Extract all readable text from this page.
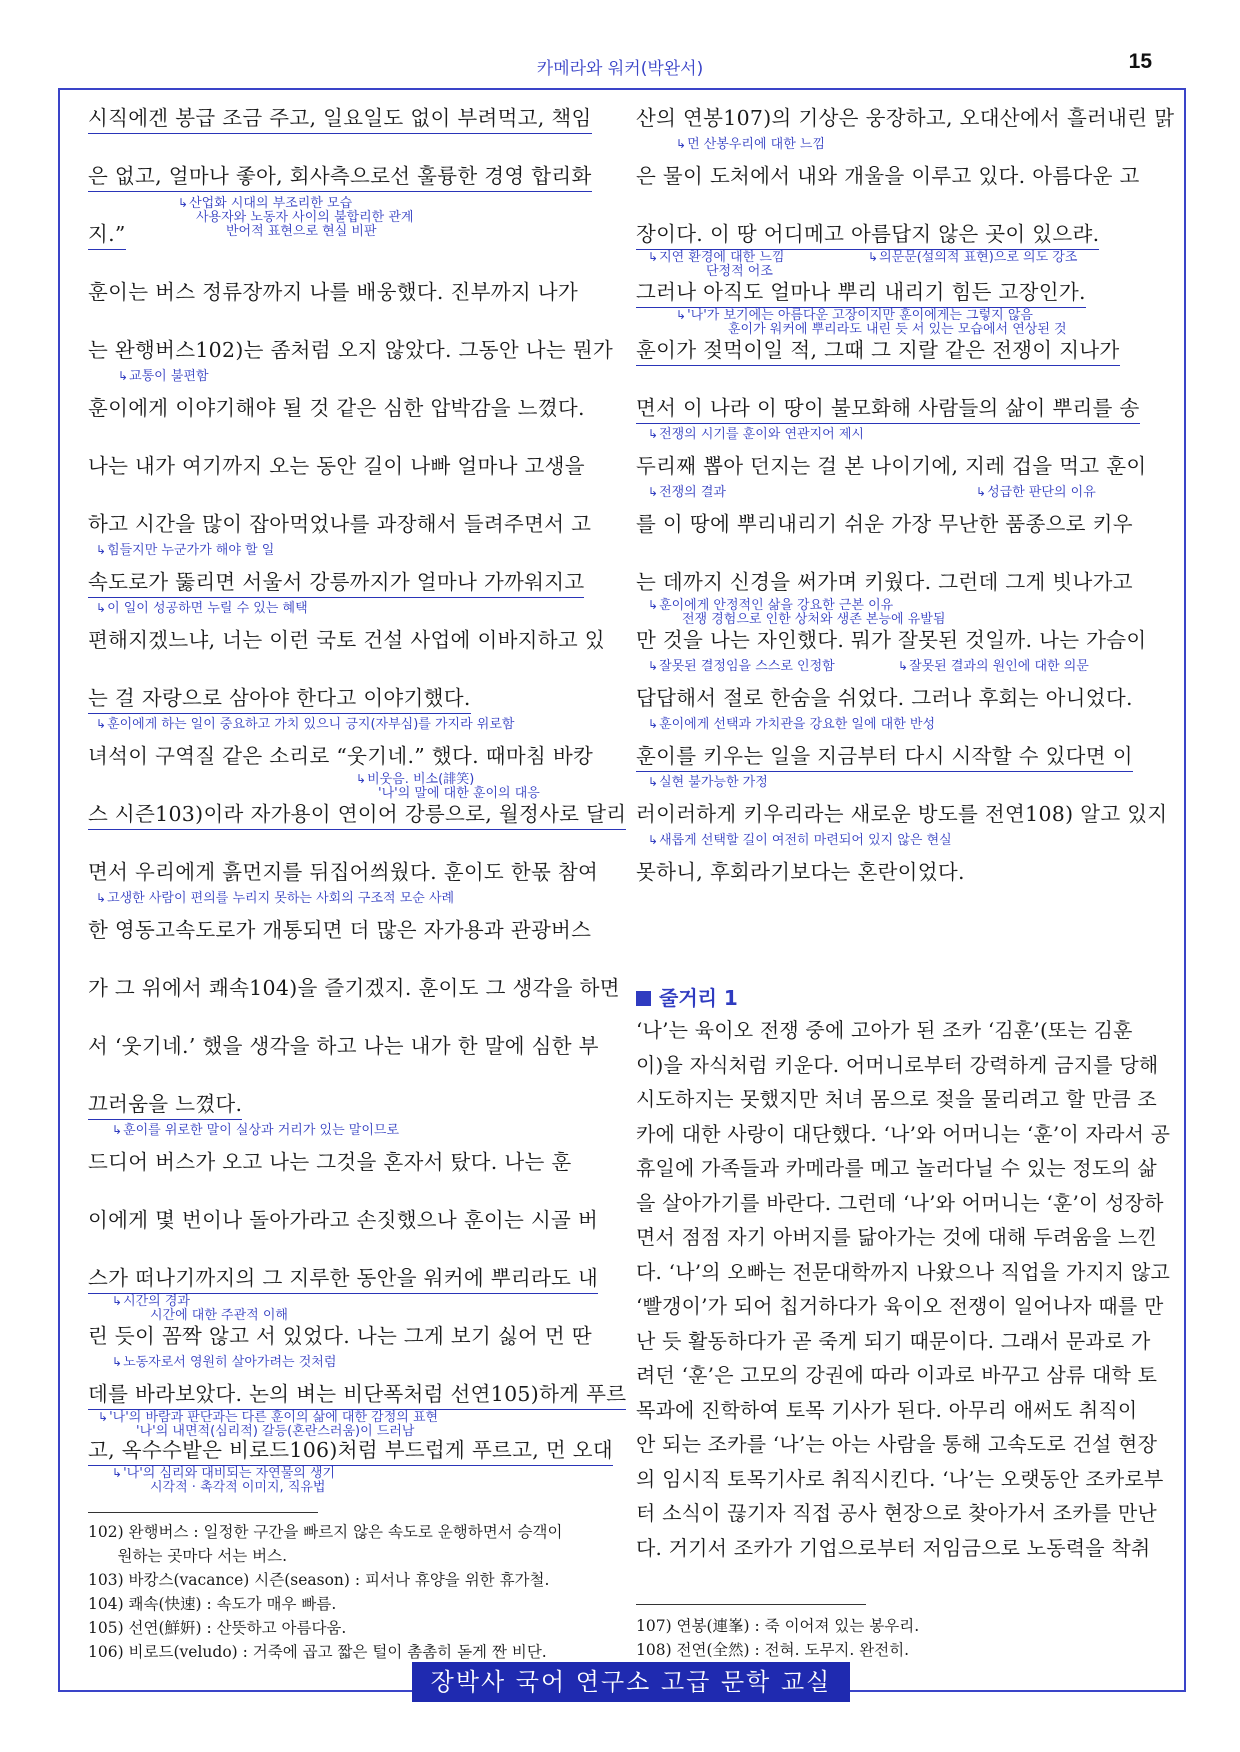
카메라와 워커(박완서)	15
시직에겐 봉급 조금 주고, 일요일도 없이 부려먹고, 책임
은 없고, 얼마나 좋아, 회사측으로선 훌륭한 경영 합리화
↳ 산업화 시대의 부조리한 모습
사용자와 노동자 사이의 불합리한 관계
지.”	반어적 표현으로 현실 비판
훈이는 버스 정류장까지 나를 배웅했다. 진부까지 나가
는 완행버스102)는 좀처럼 오지 않았다. 그동안 나는 뭔가
↳ 교통이 불편함
훈이에게 이야기해야 될 것 같은 심한 압박감을 느꼈다.
나는 내가 여기까지 오는 동안 길이 나빠 얼마나 고생을
하고 시간을 많이 잡아먹었나를 과장해서 들려주면서 고
↳ 힘들지만 누군가가 해야 할 일
속도로가 뚫리면 서울서 강릉까지가 얼마나 가까워지고
↳ 이 일이 성공하면 누릴 수 있는 혜택
편해지겠느냐, 너는 이런 국토 건설 사업에 이바지하고 있
는 걸 자랑으로 삼아야 한다고 이야기했다.
↳ 훈이에게 하는 일이 중요하고 가치 있으니 긍지(자부심)를 가지라 위로함
녀석이 구역질 같은 소리로 “웃기네.” 했다. 때마침 바캉
↳ 비웃음. 비소(誹笑)
'나'의 말에 대한 훈이의 대응
스 시즌103)이라 자가용이 연이어 강릉으로, 월정사로 달리
면서 우리에게 흙먼지를 뒤집어씌웠다. 훈이도 한몫 참여
↳ 고생한 사람이 편의를 누리지 못하는 사회의 구조적 모순 사례
한 영동고속도로가 개통되면 더 많은 자가용과 관광버스
가 그 위에서 쾌속104)을 즐기겠지. 훈이도 그 생각을 하면
서 ‘웃기네.’ 했을 생각을 하고 나는 내가 한 말에 심한 부
끄러움을 느꼈다.
↳ 훈이를 위로한 말이 실상과 거리가 있는 말이므로
드디어 버스가 오고 나는 그것을 혼자서 탔다. 나는 훈
이에게 몇 번이나 돌아가라고 손짓했으나 훈이는 시골 버
스가 떠나기까지의 그 지루한 동안을 워커에 뿌리라도 내
↳ 시간의 경과
시간에 대한 주관적 이해
린 듯이 꼼짝 않고 서 있었다. 나는 그게 보기 싫어 먼 딴
↳ 노동자로서 영원히 살아가려는 것처럼
데를 바라보았다. 논의 벼는 비단폭처럼 선연105)하게 푸르
↳ '나'의 바람과 판단과는 다른 훈이의 삶에 대한 감정의 표현
'나'의 내면적(심리적) 갈등(혼란스러움)이 드러남
고, 옥수수밭은 비로드106)처럼 부드럽게 푸르고, 먼 오대
↳ '나'의 심리와 대비되는 자연물의 생기
시각적 · 촉각적 이미지, 직유법
102) 완행버스 : 일정한 구간을 빠르지 않은 속도로 운행하면서 승객이
원하는 곳마다 서는 버스.
103) 바캉스(vacance) 시즌(season) : 피서나 휴양을 위한 휴가철.
104) 쾌속(快速) : 속도가 매우 빠름.
105) 선연(鮮姸) : 산뜻하고 아름다움.
106) 비로드(veludo) : 거죽에 곱고 짧은 털이 촘촘히 돋게 짠 비단.
산의 연봉107)의 기상은 웅장하고, 오대산에서 흘러내린 맑
↳ 먼 산봉우리에 대한 느낌
은 물이 도처에서 내와 개울을 이루고 있다. 아름다운 고
장이다. 이 땅 어디메고 아름답지 않은 곳이 있으랴.
↳ 지연 환경에 대한 느낌	↳ 의문문(설의적 표현)으로 의도 강조
단정적 어조
그러나 아직도 얼마나 뿌리 내리기 힘든 고장인가.
↳ '나'가 보기에는 아름다운 고장이지만 훈이에게는 그렇지 않음
훈이가 워커에 뿌리라도 내린 듯 서 있는 모습에서 연상된 것
훈이가 젖먹이일 적, 그때 그 지랄 같은 전쟁이 지나가
면서 이 나라 이 땅이 불모화해 사람들의 삶이 뿌리를 송
↳ 전쟁의 시기를 훈이와 연관지어 제시
두리째 뽑아 던지는 걸 본 나이기에, 지레 겁을 먹고 훈이
↳ 전쟁의 결과	↳ 성급한 판단의 이유
를 이 땅에 뿌리내리기 쉬운 가장 무난한 품종으로 키우
는 데까지 신경을 써가며 키웠다. 그런데 그게 빗나가고
↳ 훈이에게 안정적인 삶을 강요한 근본 이유
전쟁 경험으로 인한 상처와 생존 본능에 유발됨
만 것을 나는 자인했다. 뭐가 잘못된 것일까. 나는 가슴이
↳ 잘못된 결정임을 스스로 인정함	↳ 잘못된 결과의 원인에 대한 의문
답답해서 절로 한숨을 쉬었다. 그러나 후회는 아니었다.
↳ 훈이에게 선택과 가치관을 강요한 일에 대한 반성
훈이를 키우는 일을 지금부터 다시 시작할 수 있다면 이
↳ 실현 불가능한 가정
러이러하게 키우리라는 새로운 방도를 전연108) 알고 있지
↳ 새롭게 선택할 길이 여전히 마련되어 있지 않은 현실
못하니, 후회라기보다는 혼란이었다.
줄거리 1
‘나’는 육이오 전쟁 중에 고아가 된 조카 ‘김훈’(또는 김훈
이)을 자식처럼 키운다. 어머니로부터 강력하게 금지를 당해
시도하지는 못했지만 처녀 몸으로 젖을 물리려고 할 만큼 조
카에 대한 사랑이 대단했다. ‘나’와 어머니는 ‘훈’이 자라서 공
휴일에 가족들과 카메라를 메고 놀러다닐 수 있는 정도의 삶
을 살아가기를 바란다. 그런데 ‘나’와 어머니는 ‘훈’이 성장하
면서 점점 자기 아버지를 닮아가는 것에 대해 두려움을 느낀
다. ‘나’의 오빠는 전문대학까지 나왔으나 직업을 가지지 않고
‘빨갱이’가 되어 칩거하다가 육이오 전쟁이 일어나자 때를 만
난 듯 활동하다가 곧 죽게 되기 때문이다. 그래서 문과로 가
려던 ‘훈’은 고모의 강권에 따라 이과로 바꾸고 삼류 대학 토
목과에 진학하여 토목 기사가 된다. 아무리 애써도 취직이
안 되는 조카를 ‘나’는 아는 사람을 통해 고속도로 건설 현장
의 임시직 토목기사로 취직시킨다. ‘나’는 오랫동안 조카로부
터 소식이 끊기자 직접 공사 현장으로 찾아가서 조카를 만난
다. 거기서 조카가 기업으로부터 저임금으로 노동력을 착취
107) 연봉(連峯) : 죽 이어져 있는 봉우리.
108) 전연(全然) : 전혀. 도무지. 완전히.
장박사 국어 연구소 고급 문학 교실
